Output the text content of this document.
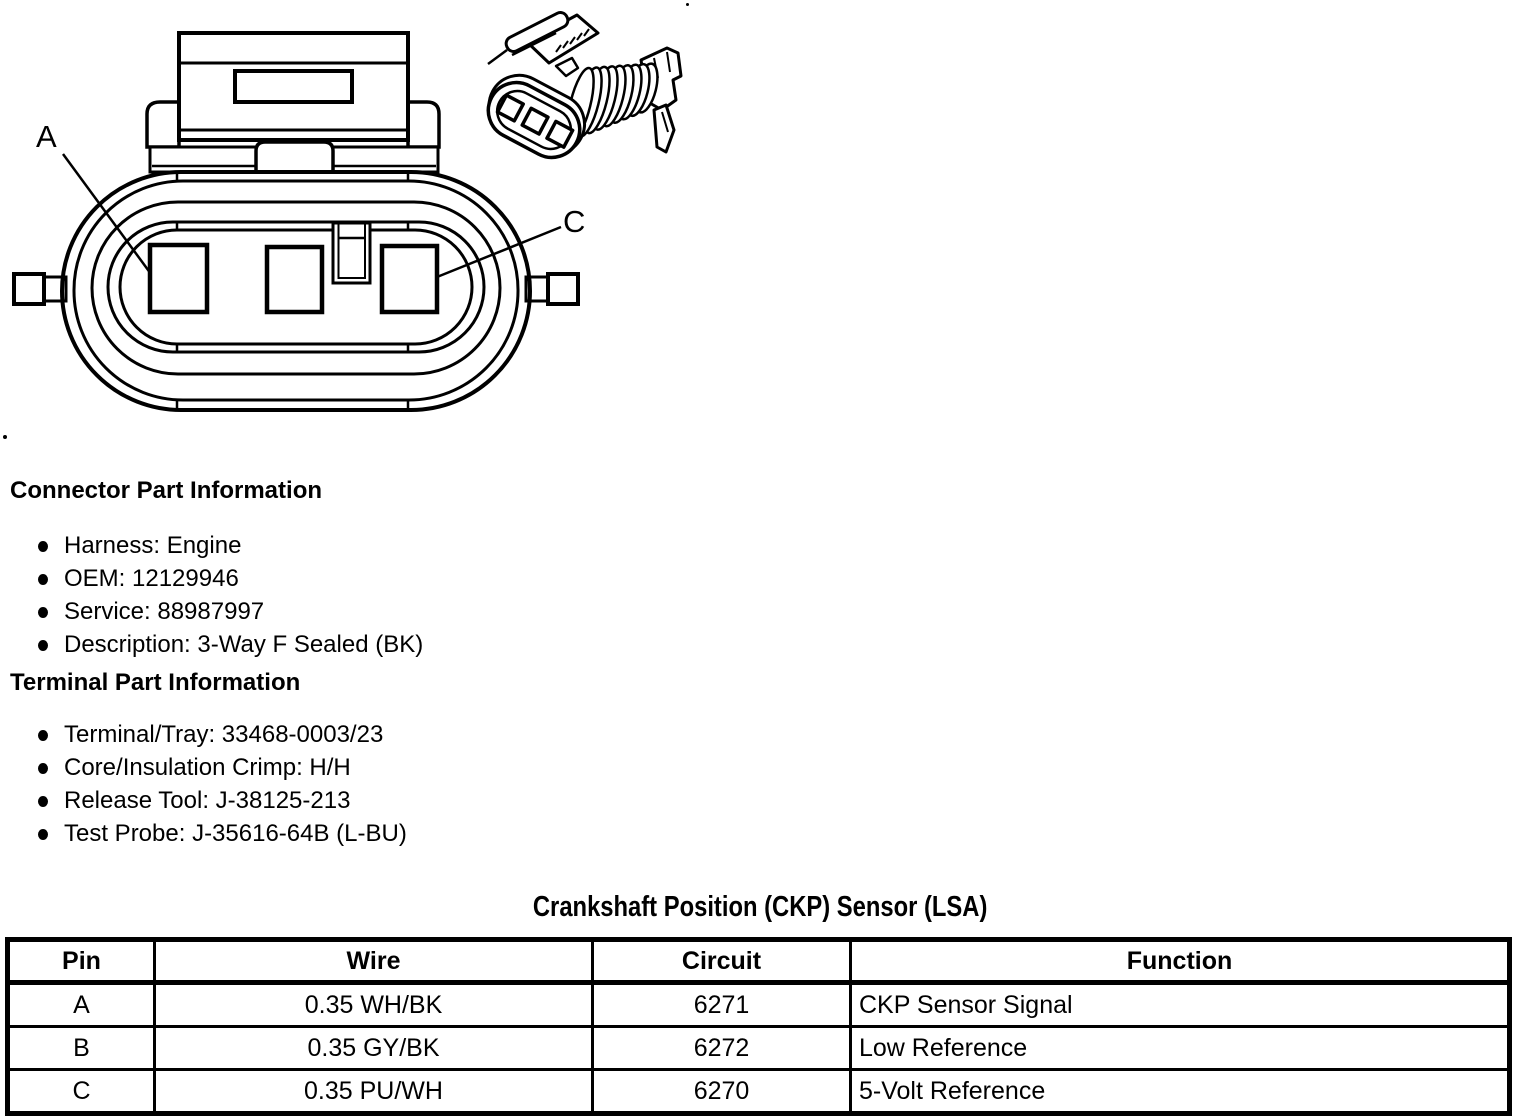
A
C
Connector Part Information
Harness: Engine
OEM: 12129946
Service: 88987997
Description: 3-Way F Sealed (BK)
Terminal Part Information
Terminal/Tray: 33468-0003/23
Core/Insulation Crimp: H/H
Release Tool: J-38125-213
Test Probe: J-35616-64B (L-BU)
Crankshaft Position (CKP) Sensor (LSA)
Pin	Wire	Circuit	Function
A	0.35 WH/BK	6271	CKP Sensor Signal
B	0.35 GY/BK	6272	Low Reference
C	0.35 PU/WH	6270	5-Volt Reference
